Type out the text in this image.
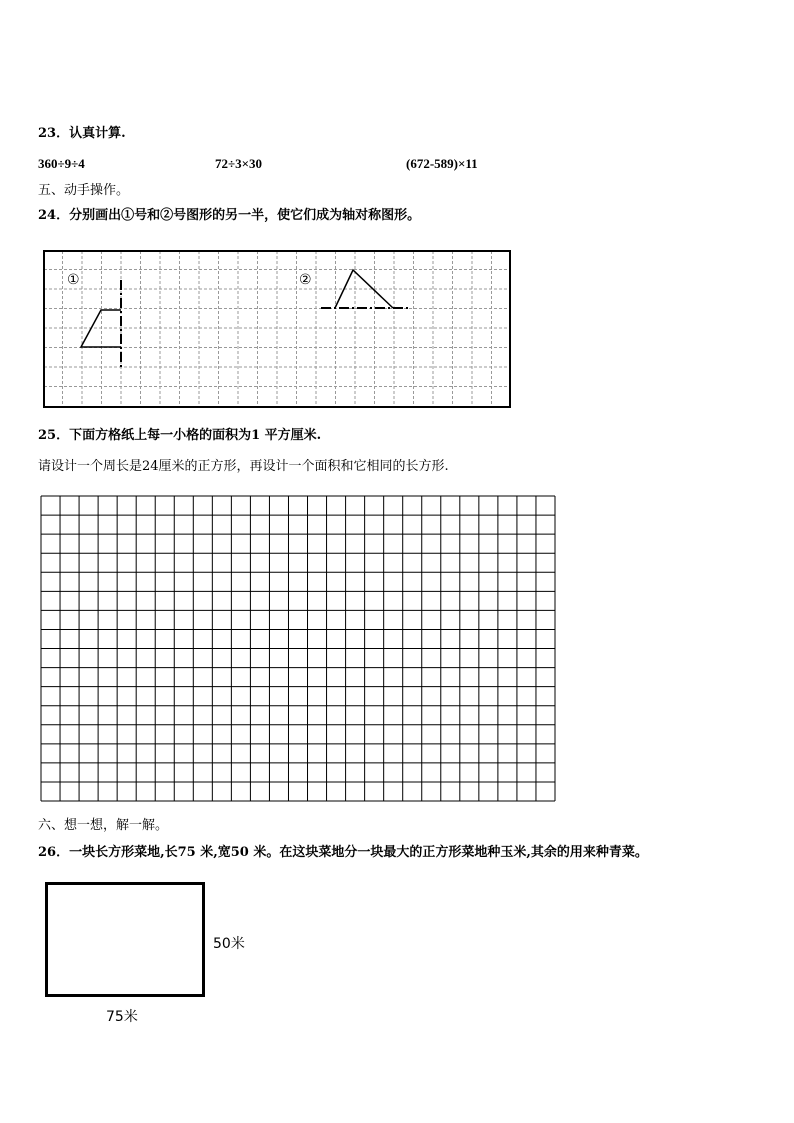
23．认真计算.
360÷9÷4	72÷3×30	(672-589)×11
五、动手操作。
24．分别画出①号和②号图形的另一半，使它们成为轴对称图形。
①	②
25．下面方格纸上每一小格的面积为1 平方厘米.
请设计一个周长是24厘米的正方形，再设计一个面积和它相同的长方形.
六、想一想，解一解。
26．一块长方形菜地,长75 米,宽50 米。在这块菜地分一块最大的正方形菜地种玉米,其余的用来种青菜。
50米
75米
